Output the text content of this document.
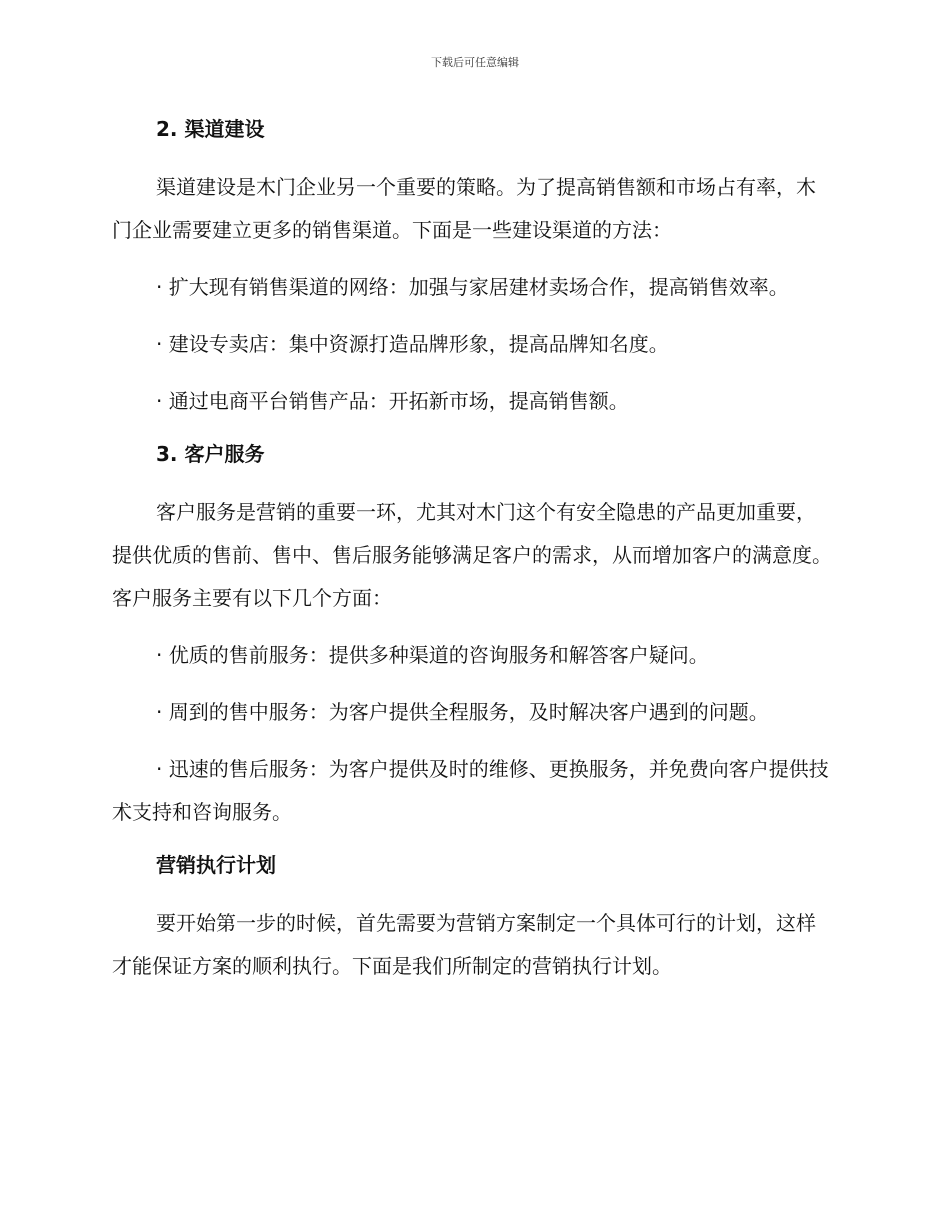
下载后可任意编辑
2. 渠道建设
渠道建设是木门企业另一个重要的策略。为了提高销售额和市场占有率，木门企业需要建立更多的销售渠道。下面是一些建设渠道的方法：
· 扩大现有销售渠道的网络：加强与家居建材卖场合作，提高销售效率。
· 建设专卖店：集中资源打造品牌形象，提高品牌知名度。
· 通过电商平台销售产品：开拓新市场，提高销售额。
3. 客户服务
客户服务是营销的重要一环，尤其对木门这个有安全隐患的产品更加重要，提供优质的售前、售中、售后服务能够满足客户的需求，从而增加客户的满意度。客户服务主要有以下几个方面：
· 优质的售前服务：提供多种渠道的咨询服务和解答客户疑问。
· 周到的售中服务：为客户提供全程服务，及时解决客户遇到的问题。
· 迅速的售后服务：为客户提供及时的维修、更换服务，并免费向客户提供技术支持和咨询服务。
营销执行计划
要开始第一步的时候，首先需要为营销方案制定一个具体可行的计划，这样才能保证方案的顺利执行。下面是我们所制定的营销执行计划。
